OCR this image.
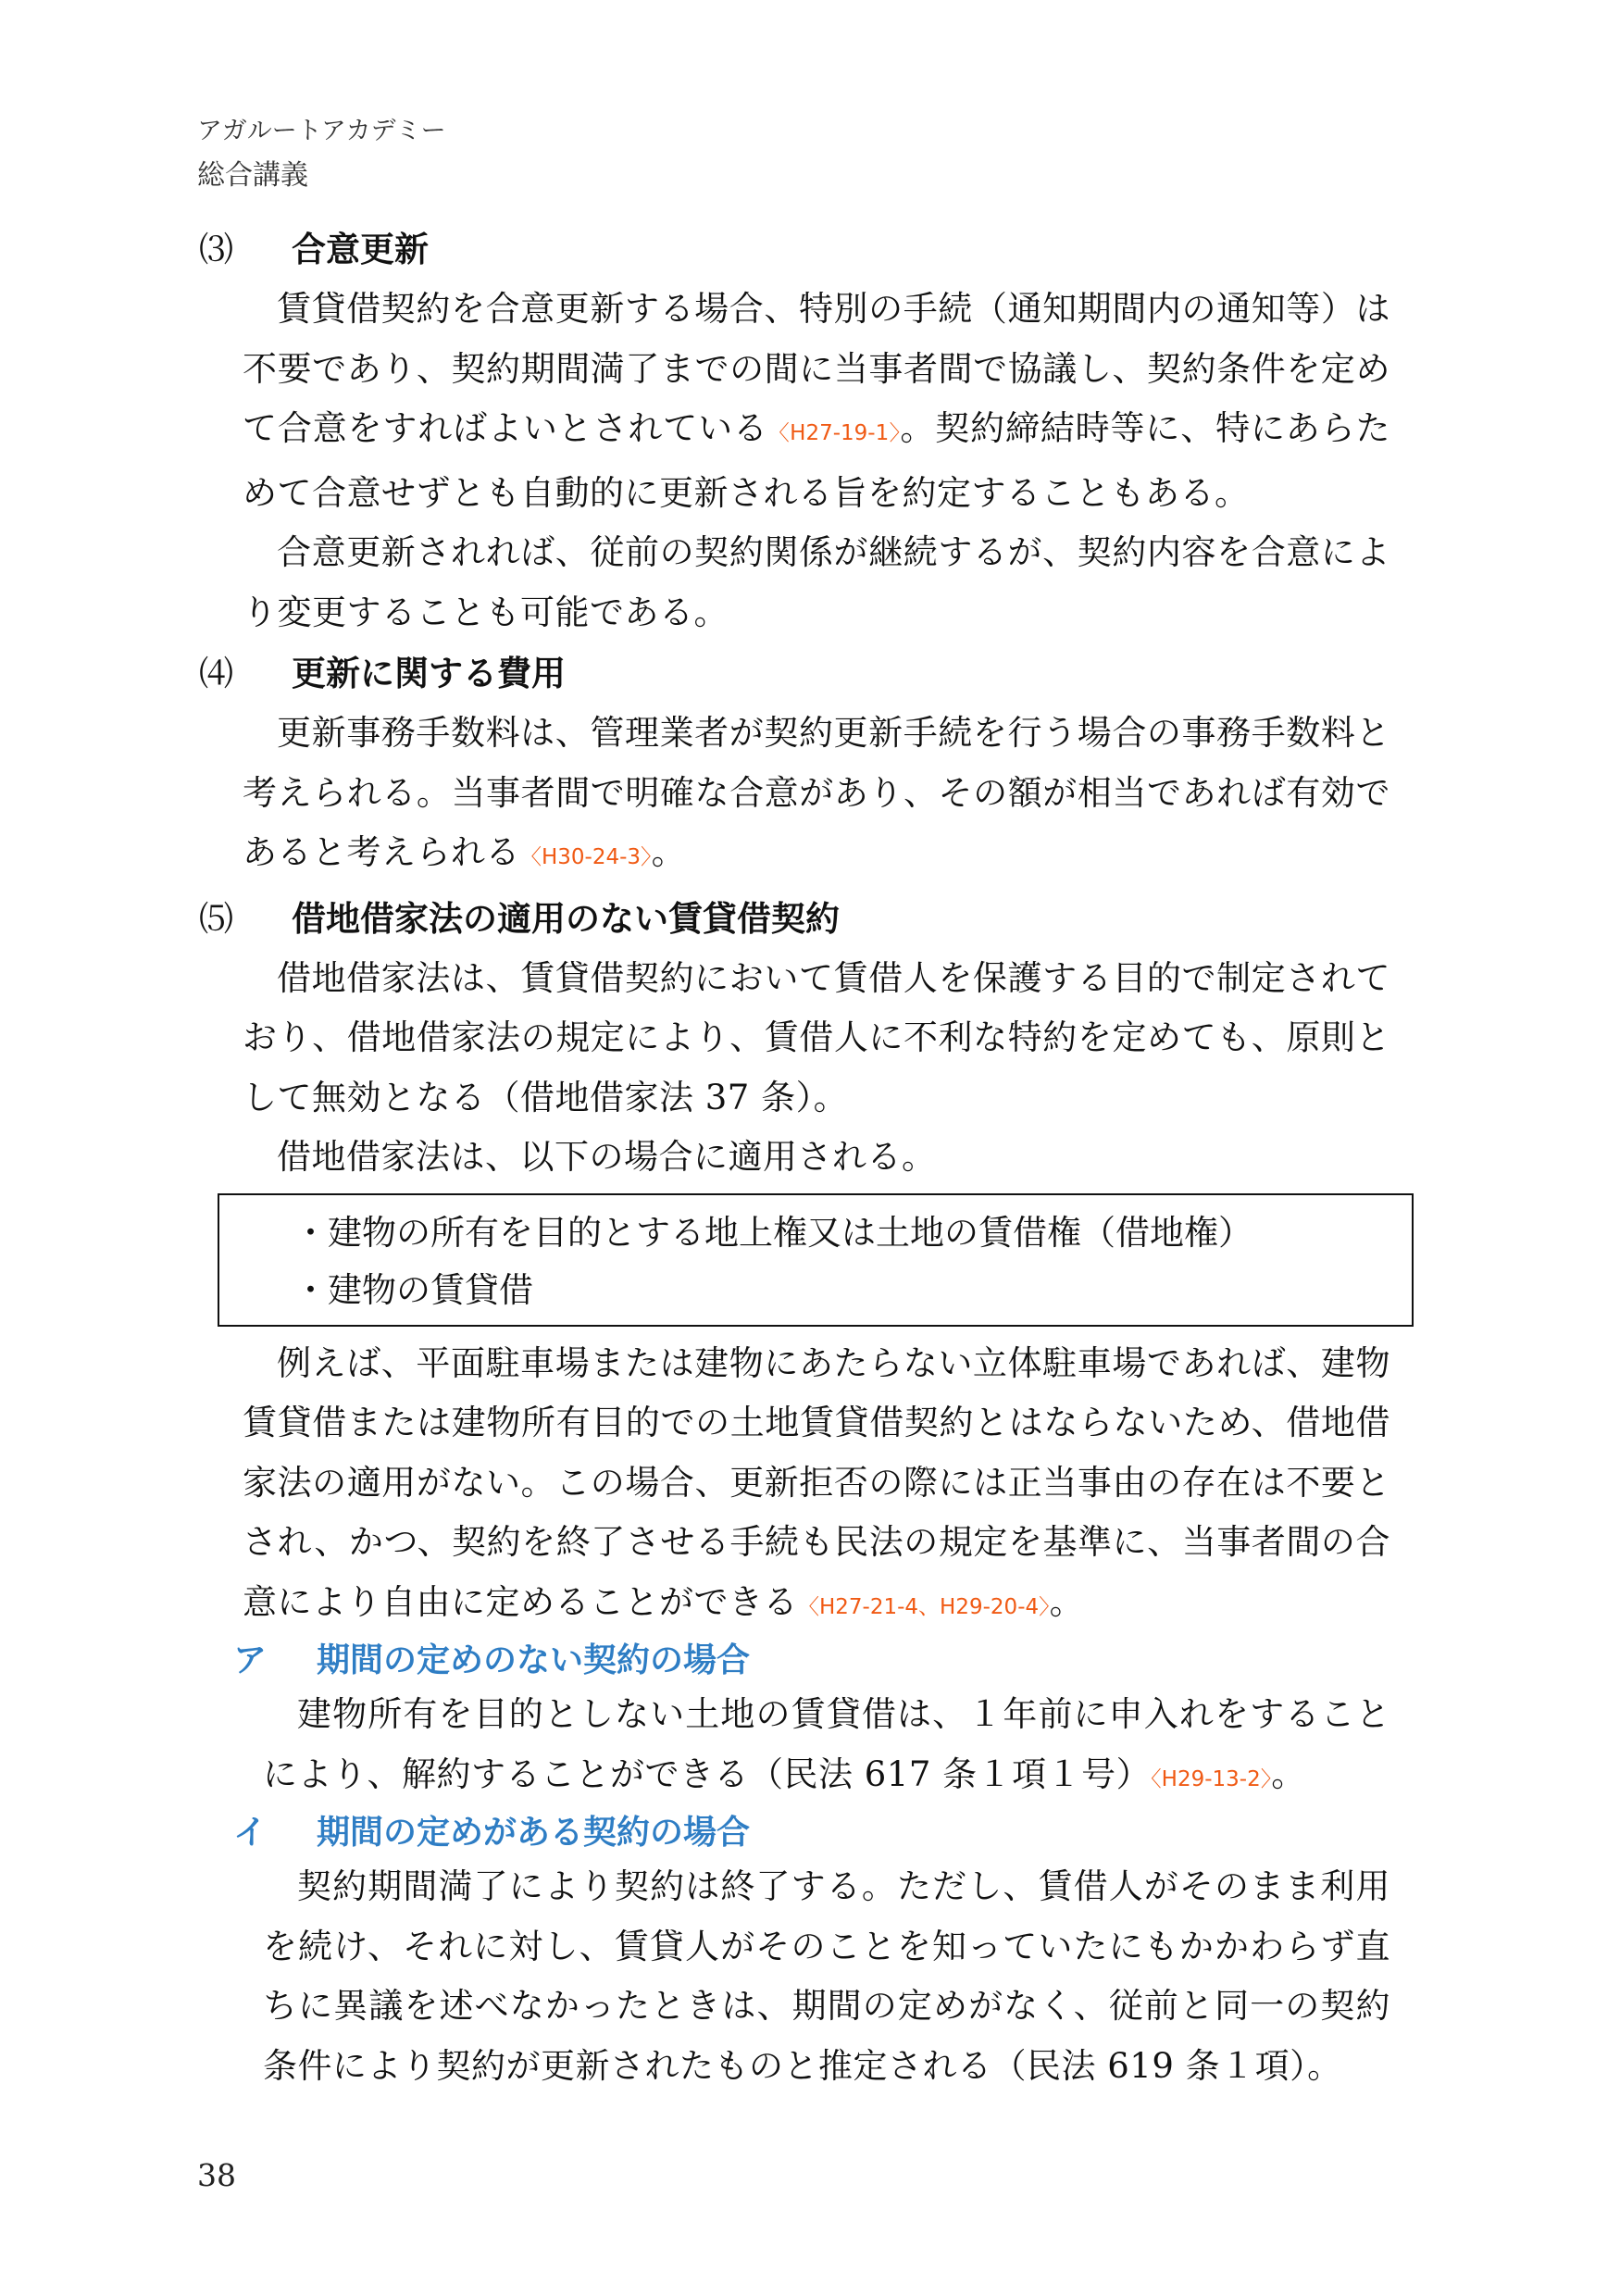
アガルートアカデミー
総合講義
⑶	合意更新

賃貸借契約を合意更新する場合、特別の手続（通知期間内の通知等）は不要であり、契約期間満了までの間に当事者間で協議し、契約条件を定めて合意をすればよいとされている〈H27-19-1〉。契約締結時等に、特にあらためて合意せずとも自動的に更新される旨を約定することもある。

合意更新されれば、従前の契約関係が継続するが、契約内容を合意により変更することも可能である。

⑷	更新に関する費用

更新事務手数料は、管理業者が契約更新手続を行う場合の事務手数料と考えられる。当事者間で明確な合意があり、その額が相当であれば有効であると考えられる〈H30-24-3〉。

⑸	借地借家法の適用のない賃貸借契約

借地借家法は、賃貸借契約において賃借人を保護する目的で制定されており、借地借家法の規定により、賃借人に不利な特約を定めても、原則として無効となる（借地借家法 37 条）。

借地借家法は、以下の場合に適用される。

・建物の所有を目的とする地上権又は土地の賃借権（借地権）
・建物の賃貸借

例えば、平面駐車場または建物にあたらない立体駐車場であれば、建物賃貸借または建物所有目的での土地賃貸借契約とはならないため、借地借家法の適用がない。この場合、更新拒否の際には正当事由の存在は不要とされ、かつ、契約を終了させる手続も民法の規定を基準に、当事者間の合意により自由に定めることができる〈H27-21-4、H29-20-4〉。

ア	期間の定めのない契約の場合

建物所有を目的としない土地の賃貸借は、１年前に申入れをすることにより、解約することができる（民法 617 条１項１号）〈H29-13-2〉。

イ	期間の定めがある契約の場合

契約期間満了により契約は終了する。ただし、賃借人がそのまま利用を続け、それに対し、賃貸人がそのことを知っていたにもかかわらず直ちに異議を述べなかったときは、期間の定めがなく、従前と同一の契約条件により契約が更新されたものと推定される（民法 619 条１項）。

38
